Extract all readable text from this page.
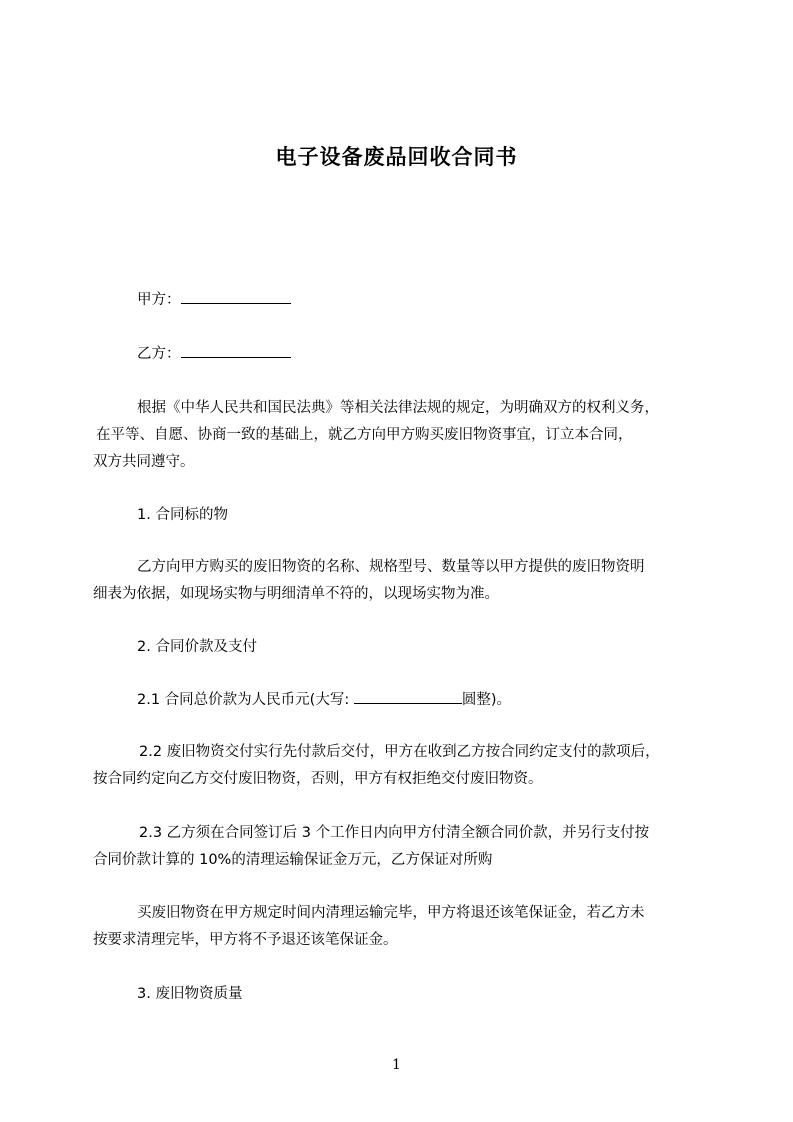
电子设备废品回收合同书
甲方：
乙方：
根据《中华人民共和国民法典》等相关法律法规的规定，为明确双方的权利义务，
在平等、自愿、协商一致的基础上，就乙方向甲方购买废旧物资事宜，订立本合同，
双方共同遵守。
1. 合同标的物
乙方向甲方购买的废旧物资的名称、规格型号、数量等以甲方提供的废旧物资明
细表为依据，如现场实物与明细清单不符的，以现场实物为准。
2. 合同价款及支付
2.1 合同总价款为人民币元(大写:	圆整)。
2.2 废旧物资交付实行先付款后交付，甲方在收到乙方按合同约定支付的款项后，
按合同约定向乙方交付废旧物资，否则，甲方有权拒绝交付废旧物资。
2.3 乙方须在合同签订后 3 个工作日内向甲方付清全额合同价款，并另行支付按
合同价款计算的 10%的清理运输保证金万元，乙方保证对所购
买废旧物资在甲方规定时间内清理运输完毕，甲方将退还该笔保证金，若乙方未
按要求清理完毕，甲方将不予退还该笔保证金。
3. 废旧物资质量
1
